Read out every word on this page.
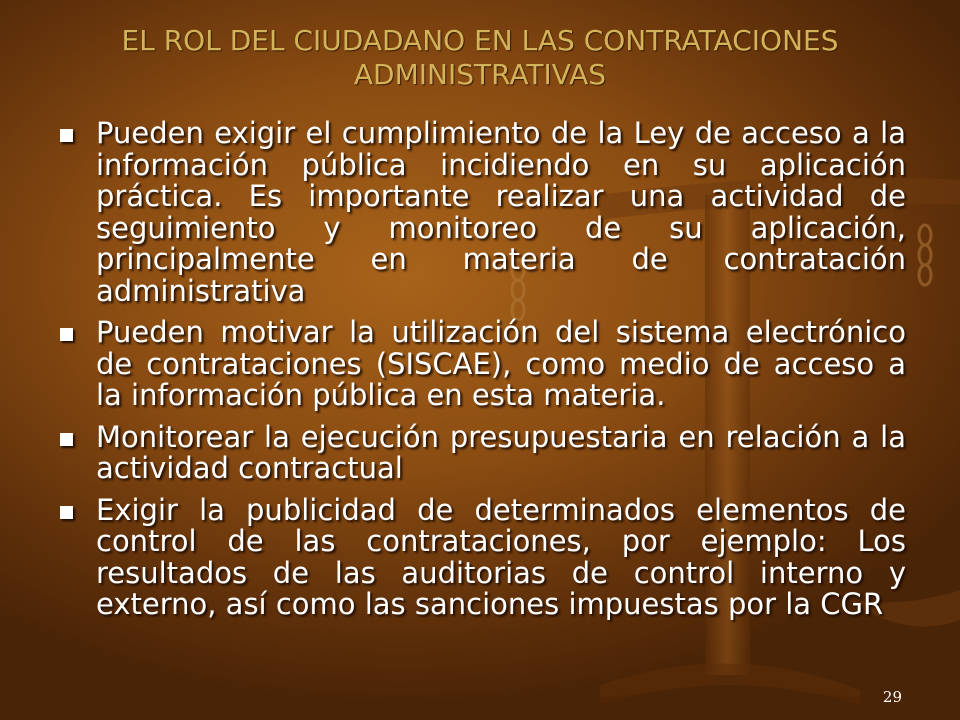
EL ROL DEL CIUDADANO EN LAS CONTRATACIONES
ADMINISTRATIVAS
Pueden exigir el cumplimiento de la Ley de acceso a la información pública incidiendo en su aplicación práctica. Es importante realizar una actividad de seguimiento y monitoreo de su aplicación, principalmente en materia de contratación administrativa
Pueden motivar la utilización del sistema electrónico de contrataciones (SISCAE), como medio de acceso a la información pública en esta materia.
Monitorear la ejecución presupuestaria en relación a la actividad contractual
Exigir la publicidad de determinados elementos de control de las contrataciones, por ejemplo: Los resultados de las auditorias de control interno y externo, así como las sanciones impuestas por la CGR
29
